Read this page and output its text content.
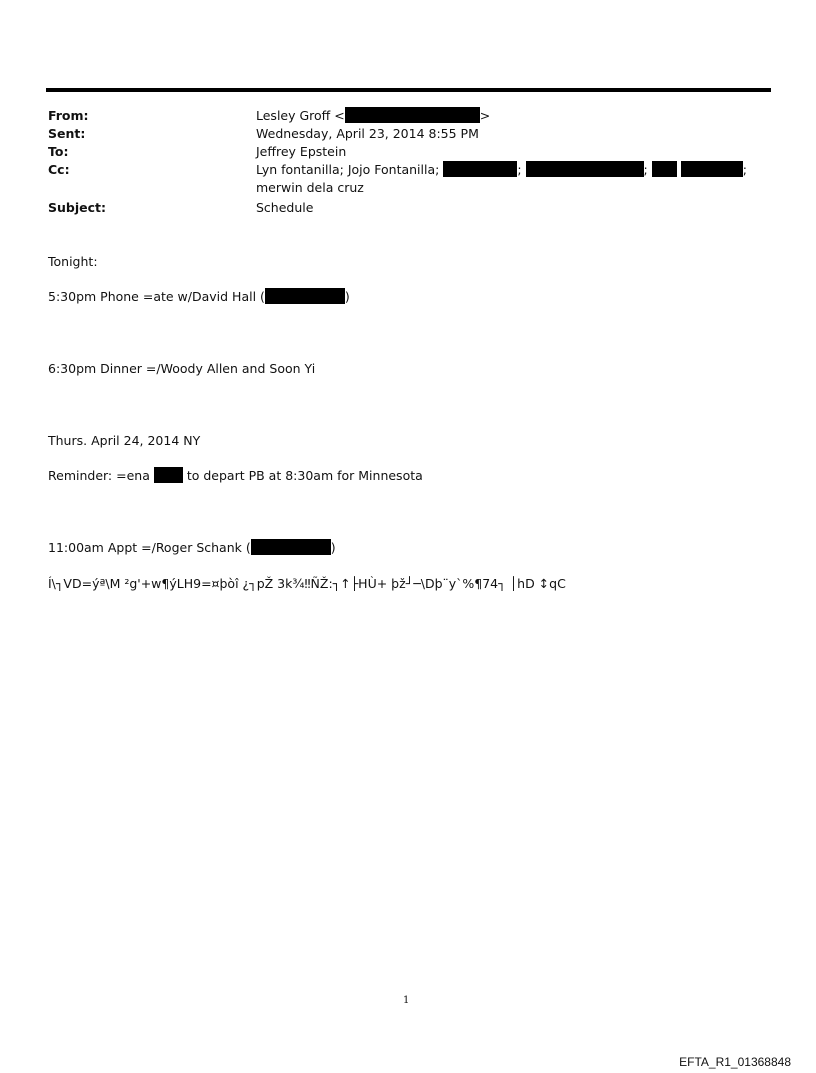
From:	Lesley Groff <	>
Sent:	Wednesday, April 23, 2014 8:55 PM
To:	Jeffrey Epstein
Cc:	Lyn fontanilla; Jojo Fontanilla;	;	;	;
merwin dela cruz
Subject:	Schedule
Tonight:
5:30pm Phone =ate w/David Hall (	)
6:30pm Dinner =/Woody Allen and Soon Yi
Thurs. April 24, 2014 NY
Reminder: =ena	to depart PB at 8:30am for Minnesota
11:00am Appt =/Roger Schank (	)
Í\┐VD=ýª\M ²g'+w¶ýLH9=¤þòî ¿┐pŽ 3k¾‼ÑŽ:┐↑├HÙ+ þž┘─\Dþ¨y`%¶74┐ │hD ↕qC
1
EFTA_R1_01368848
